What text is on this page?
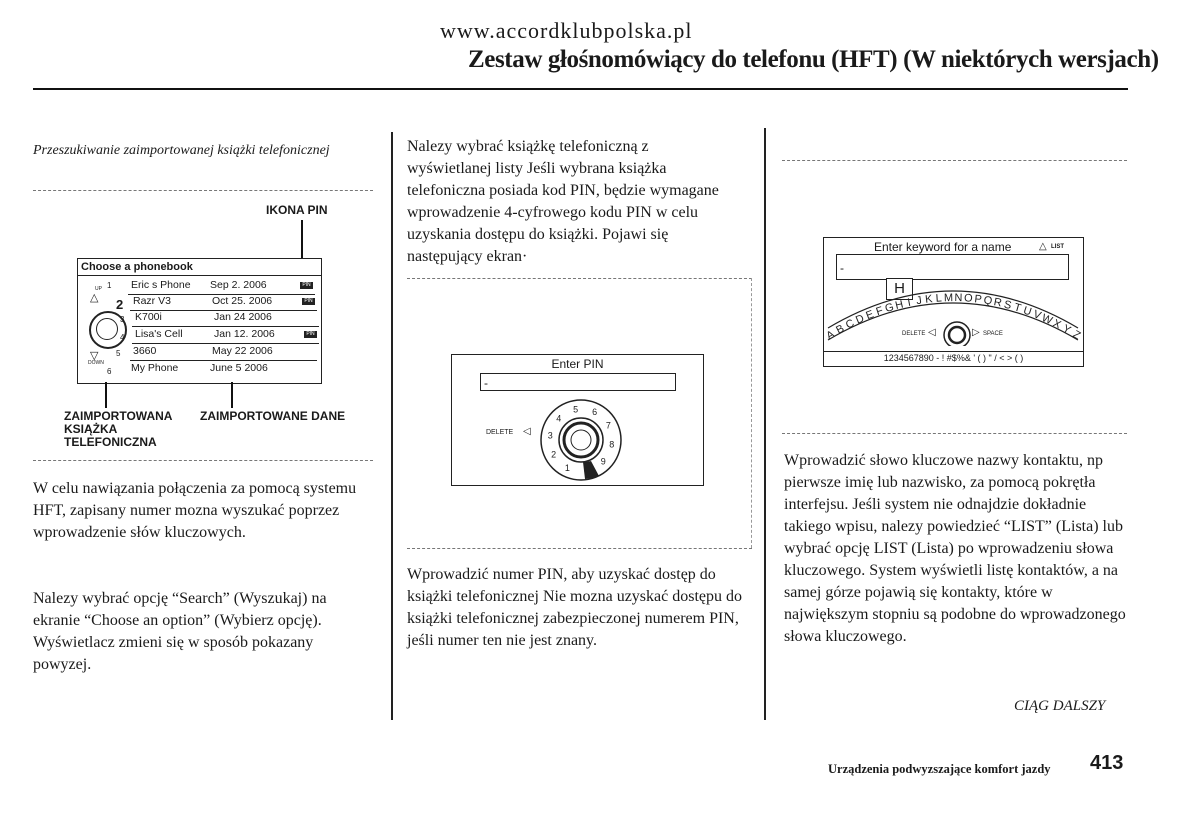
www.accordklubpolska.pl
Zestaw głośnomówiący do telefonu (HFT) (W niektórych wersjach)
Przeszukiwanie zaimportowanej książki telefonicznej
IKONA PIN
Choose a phonebook
△
UP
▽
DOWN
1
2
3
4
5
6
Eric s Phone Sep 2. 2006	PIN
Razr V3	Oct 25. 2006	PIN
K700i	Jan 24 2006
Lisa's Cell	Jan 12. 2006	PIN
3660	May 22 2006
My Phone	June 5 2006
ZAIMPORTOWANA
KSIĄŻKA
TELEFONICZNA
ZAIMPORTOWANE DANE
W celu nawiązania połączenia za pomocą systemu HFT, zapisany numer mozna wyszukać poprzez wprowadzenie słów kluczowych.
Nalezy wybrać opcję “Search” (Wyszukaj) na ekranie “Choose an option” (Wybierz opcję). Wyświetlacz zmieni się w sposób pokazany powyzej.
Nalezy wybrać książkę telefoniczną z wyświetlanej listy Jeśli wybrana książka telefoniczna posiada kod PIN, będzie wymagane wprowadzenie 4-cyfrowego kodu PIN w celu uzyskania dostępu do książki. Pojawi się następujący ekran·
Enter PIN
-
DELETE ◁
5 6
7
8
9
0
1
2
3
4
Wprowadzić numer PIN, aby uzyskać dostęp do książki telefonicznej Nie mozna uzyskać dostępu do książki telefonicznej zabezpieczonej numerem PIN, jeśli numer ten nie jest znany.
Enter keyword for a name	△ LIST
-
H
A
B
C
D
E F G
H I J K L M N O P Q R S T U
V
W
X
Y
Z
DELETE ◁	▷ SPACE
1234567890 - ! #$%& ' ( ) " / < > ( )
Wprowadzić słowo kluczowe nazwy kontaktu, np pierwsze imię lub nazwisko, za pomocą pokrętła interfejsu. Jeśli system nie odnajdzie dokładnie takiego wpisu, nalezy powiedzieć “LIST” (Lista) lub wybrać opcję LIST (Lista) po wprowadzeniu słowa kluczowego. System wyświetli listę kontaktów, a na samej górze pojawią się kontakty, które w największym stopniu są podobne do wprowadzonego słowa kluczowego.
CIĄG DALSZY
Urządzenia podwyzszające komfort jazdy 413
